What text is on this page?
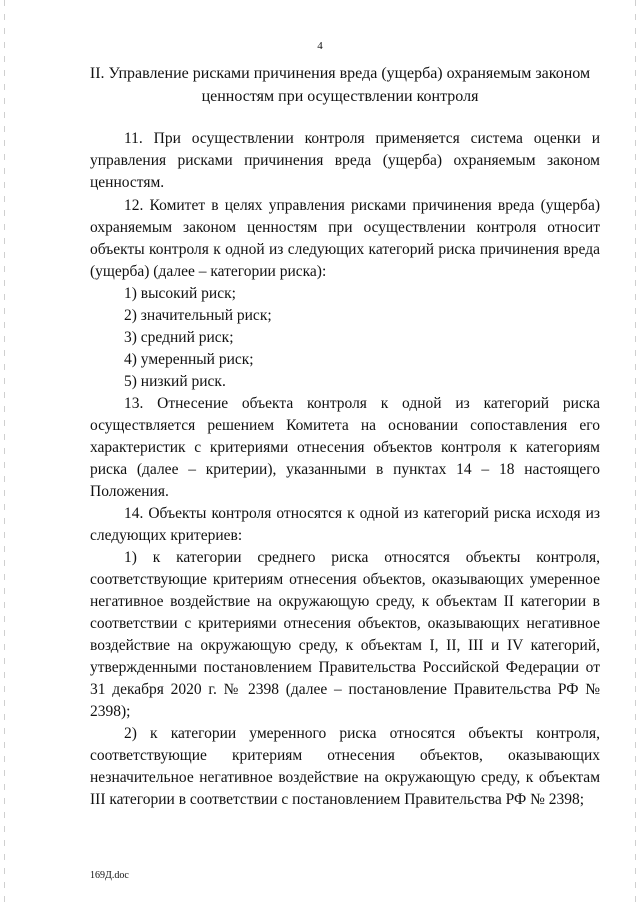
4
II. Управление рисками причинения вреда (ущерба) охраняемым законом
ценностям при осуществлении контроля

11. При осуществлении контроля применяется система оценки и управления рисками причинения вреда (ущерба) охраняемым законом ценностям.

12. Комитет в целях управления рисками причинения вреда (ущерба) охраняемым законом ценностям при осуществлении контроля относит объекты контроля к одной из следующих категорий риска причинения вреда (ущерба) (далее – категории риска):

1) высокий риск;

2) значительный риск;

3) средний риск;

4) умеренный риск;

5) низкий риск.

13. Отнесение объекта контроля к одной из категорий риска осуществляется решением Комитета на основании сопоставления его характеристик с критериями отнесения объектов контроля к категориям риска (далее – критерии), указанными в пунктах 14 – 18 настоящего Положения.

14. Объекты контроля относятся к одной из категорий риска исходя из следующих критериев:

1) к категории среднего риска относятся объекты контроля, соответствующие критериям отнесения объектов, оказывающих умеренное негативное воздействие на окружающую среду, к объектам II категории в соответствии с критериями отнесения объектов, оказывающих негативное воздействие на окружающую среду, к объектам I, II, III и IV категорий, утвержденными постановлением Правительства Российской Федерации от 31 декабря 2020 г. № 2398 (далее – постановление Правительства РФ № 2398);

2) к категории умеренного риска относятся объекты контроля, соответствующие критериям отнесения объектов, оказывающих незначительное негативное воздействие на окружающую среду, к объектам III категории в соответствии с постановлением Правительства РФ № 2398;

169Д.doc
